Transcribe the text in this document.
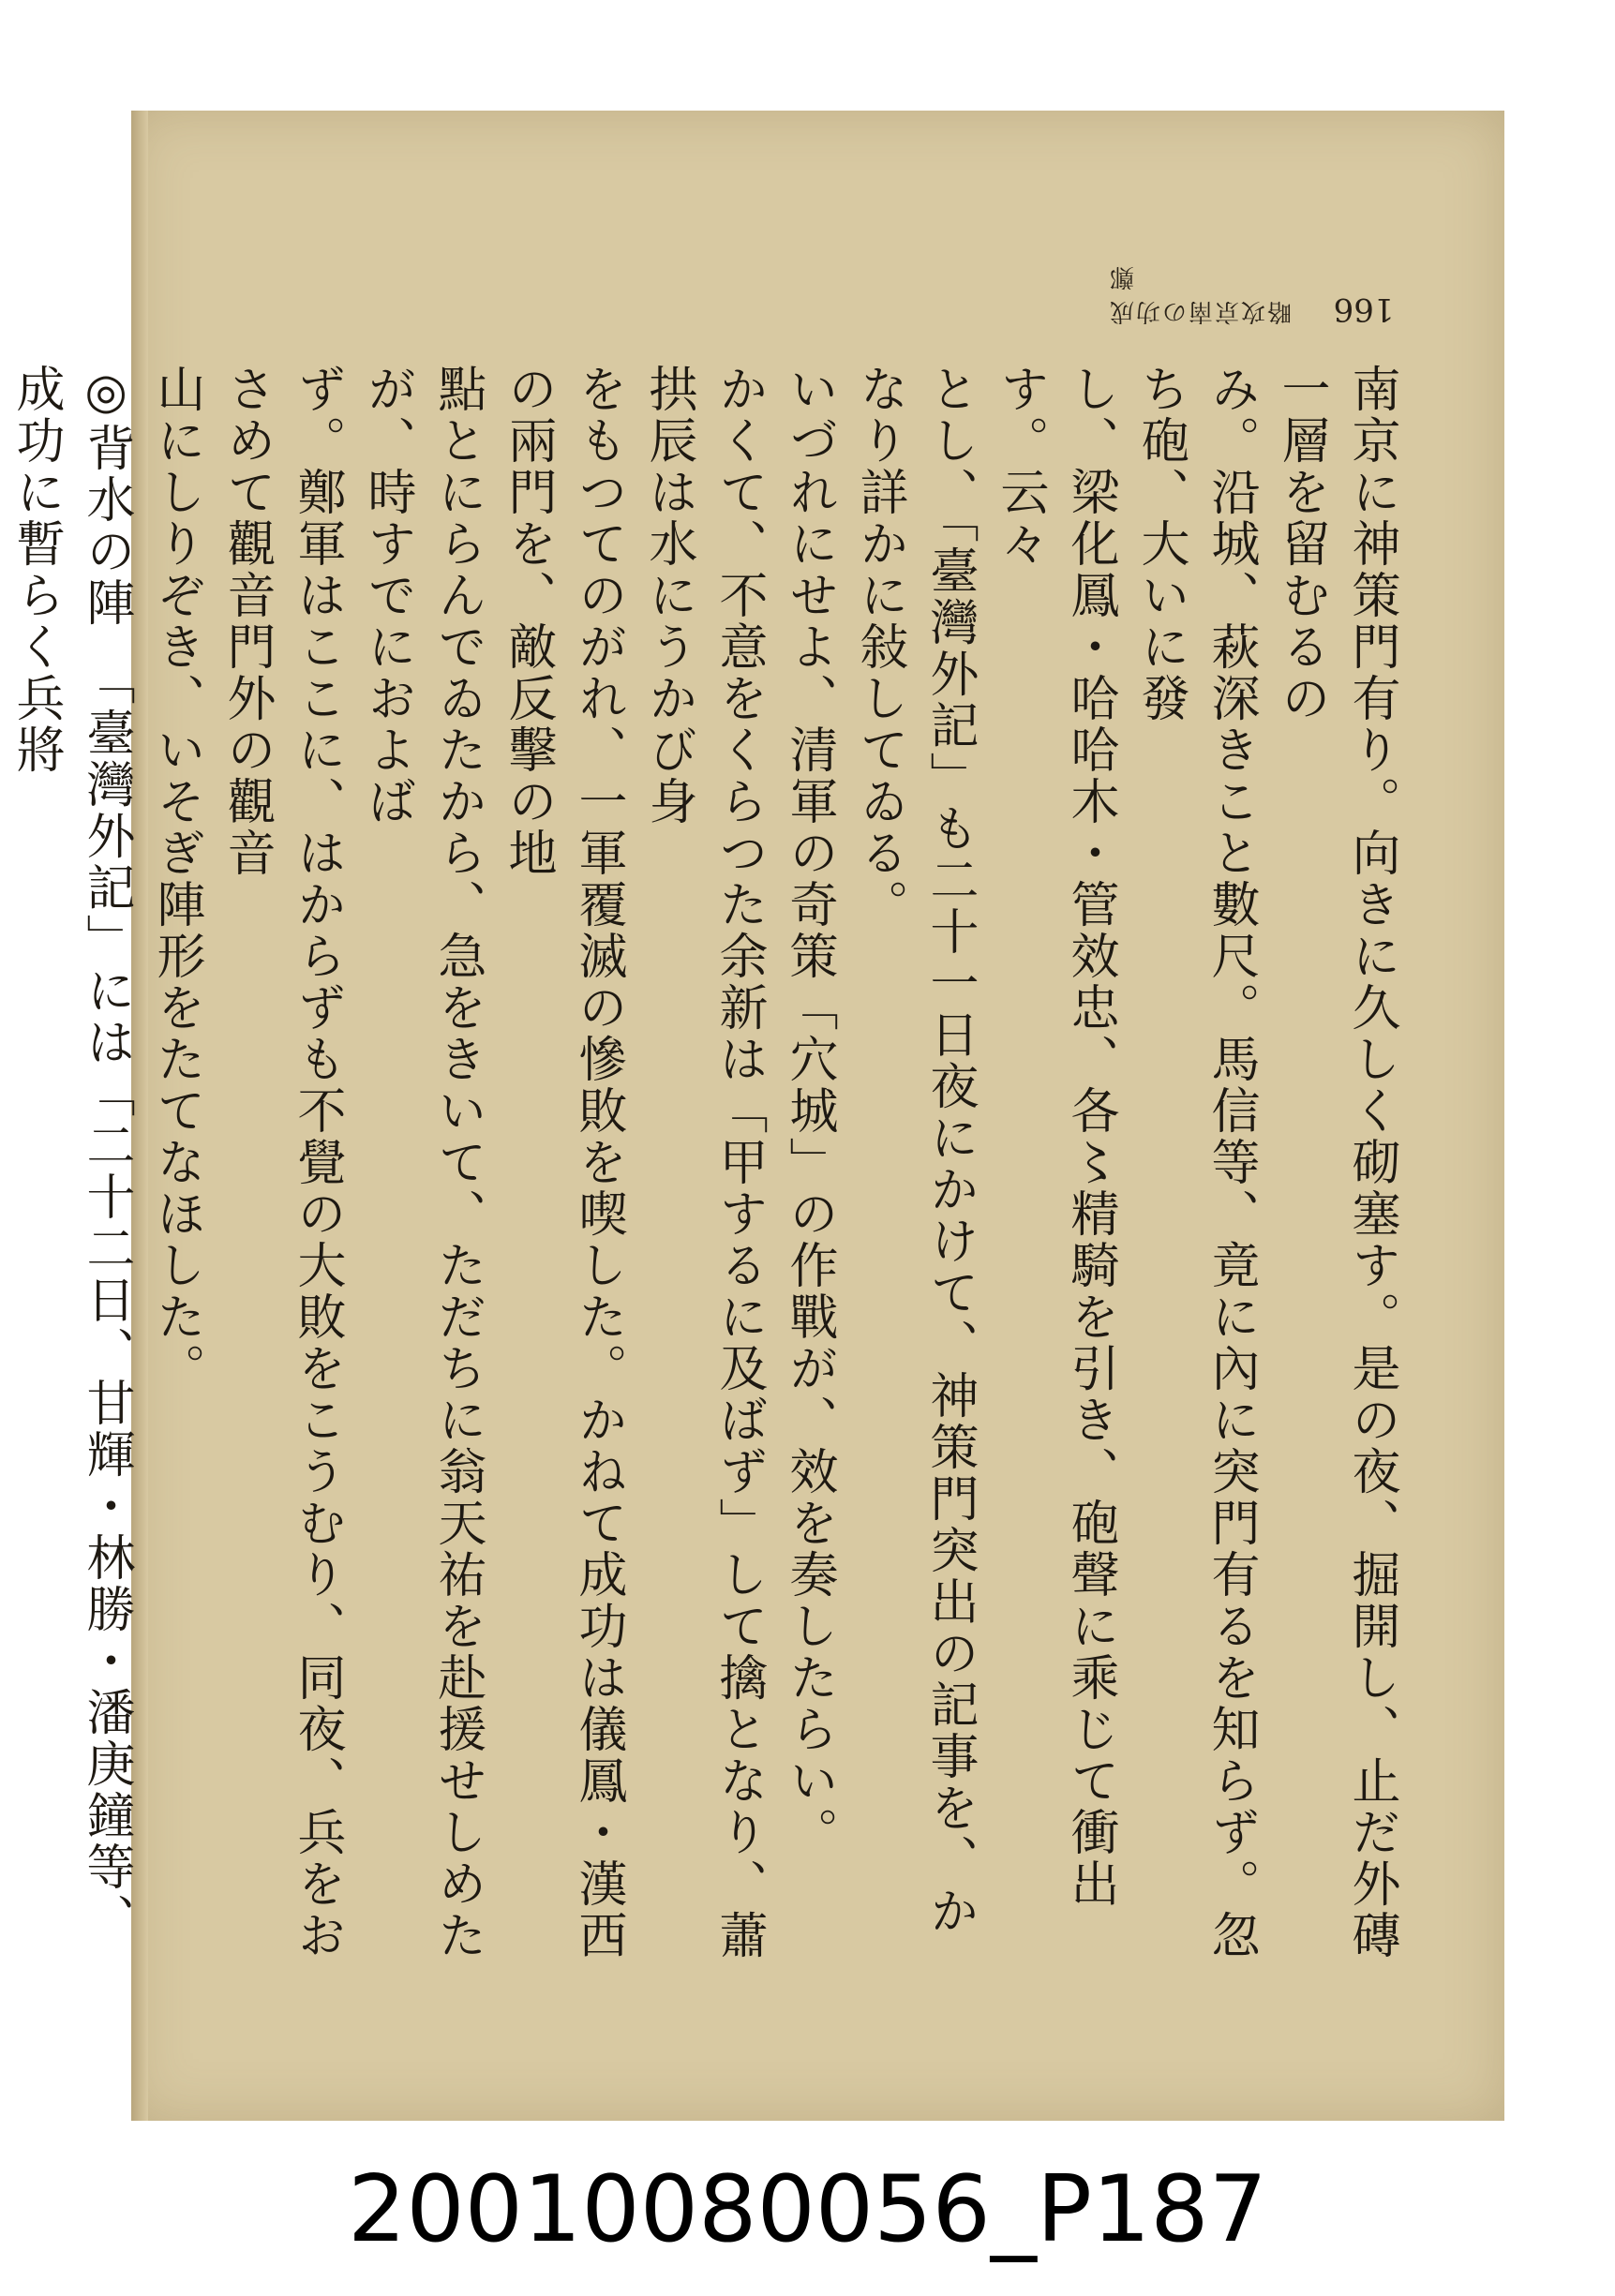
略攻京南の功成鄭
166

南京に神策門有り。向きに久しく砌塞す。是の夜、掘開し、止だ外磚一層を留むるの

み。沿城、萩深きこと數尺。馬信等、竟に內に突門有るを知らず。忽ち砲、大いに發

し、梁化鳳・哈哈木・管效忠、各〻精騎を引き、砲聲に乘じて衝出す。云々

とし、「臺灣外記」も二十一日夜にかけて、神策門突出の記事を、かなり詳かに敍してゐる。

いづれにせよ、清軍の奇策「穴城」の作戰が、效を奏したらい。

かくて、不意をくらつた余新は「甲するに及ばず」して擒となり、蕭拱辰は水にうかび身

をもつてのがれ、一軍覆滅の慘敗を喫した。かねて成功は儀鳳・漢西の兩門を、敵反擊の地

點とにらんでゐたから、急をきいて、ただちに翁天祐を赴援せしめたが、時すでにおよば

ず。鄭軍はここに、はからずも不覺の大敗をこうむり、同夜、兵をおさめて觀音門外の觀音

山にしりぞき、いそぎ陣形をたてなほした。

◎背水の陣　「臺灣外記」には「二十二日、甘輝・林勝・潘庚鐘等、成功に暫らく兵將

20010080056_P187
